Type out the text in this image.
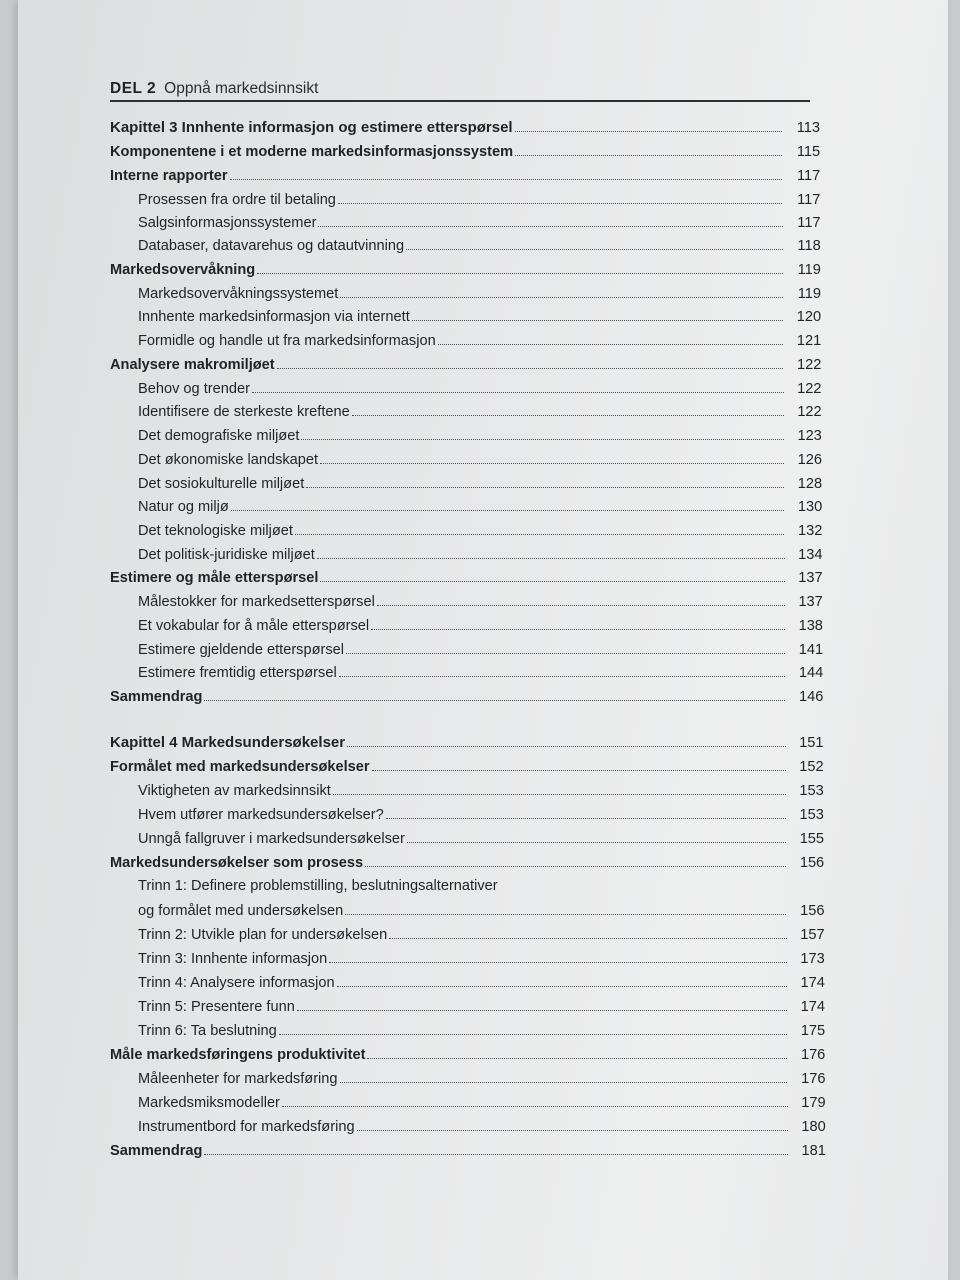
DEL 2 Oppnå markedsinnsikt
Kapittel 3 Innhente informasjon og estimere etterspørsel	113
Komponentene i et moderne markedsinformasjonssystem	115
Interne rapporter	117
Prosessen fra ordre til betaling	117
Salgsinformasjonssystemer	117
Databaser, datavarehus og datautvinning	118
Markedsovervåkning	119
Markedsovervåkningssystemet	119
Innhente markedsinformasjon via internett	120
Formidle og handle ut fra markedsinformasjon	121
Analysere makromiljøet	122
Behov og trender	122
Identifisere de sterkeste kreftene	122
Det demografiske miljøet	123
Det økonomiske landskapet	126
Det sosiokulturelle miljøet	128
Natur og miljø	130
Det teknologiske miljøet	132
Det politisk-juridiske miljøet	134
Estimere og måle etterspørsel	137
Målestokker for markedsetterspørsel	137
Et vokabular for å måle etterspørsel	138
Estimere gjeldende etterspørsel	141
Estimere fremtidig etterspørsel	144
Sammendrag	146
Kapittel 4 Markedsundersøkelser	151
Formålet med markedsundersøkelser	152
Viktigheten av markedsinnsikt	153
Hvem utfører markedsundersøkelser?	153
Unngå fallgruver i markedsundersøkelser	155
Markedsundersøkelser som prosess	156
Trinn 1: Definere problemstilling, beslutningsalternativer
og formålet med undersøkelsen	156
Trinn 2: Utvikle plan for undersøkelsen	157
Trinn 3: Innhente informasjon	173
Trinn 4: Analysere informasjon	174
Trinn 5: Presentere funn	174
Trinn 6: Ta beslutning	175
Måle markedsføringens produktivitet	176
Måleenheter for markedsføring	176
Markedsmiksmodeller	179
Instrumentbord for markedsføring	180
Sammendrag	181
